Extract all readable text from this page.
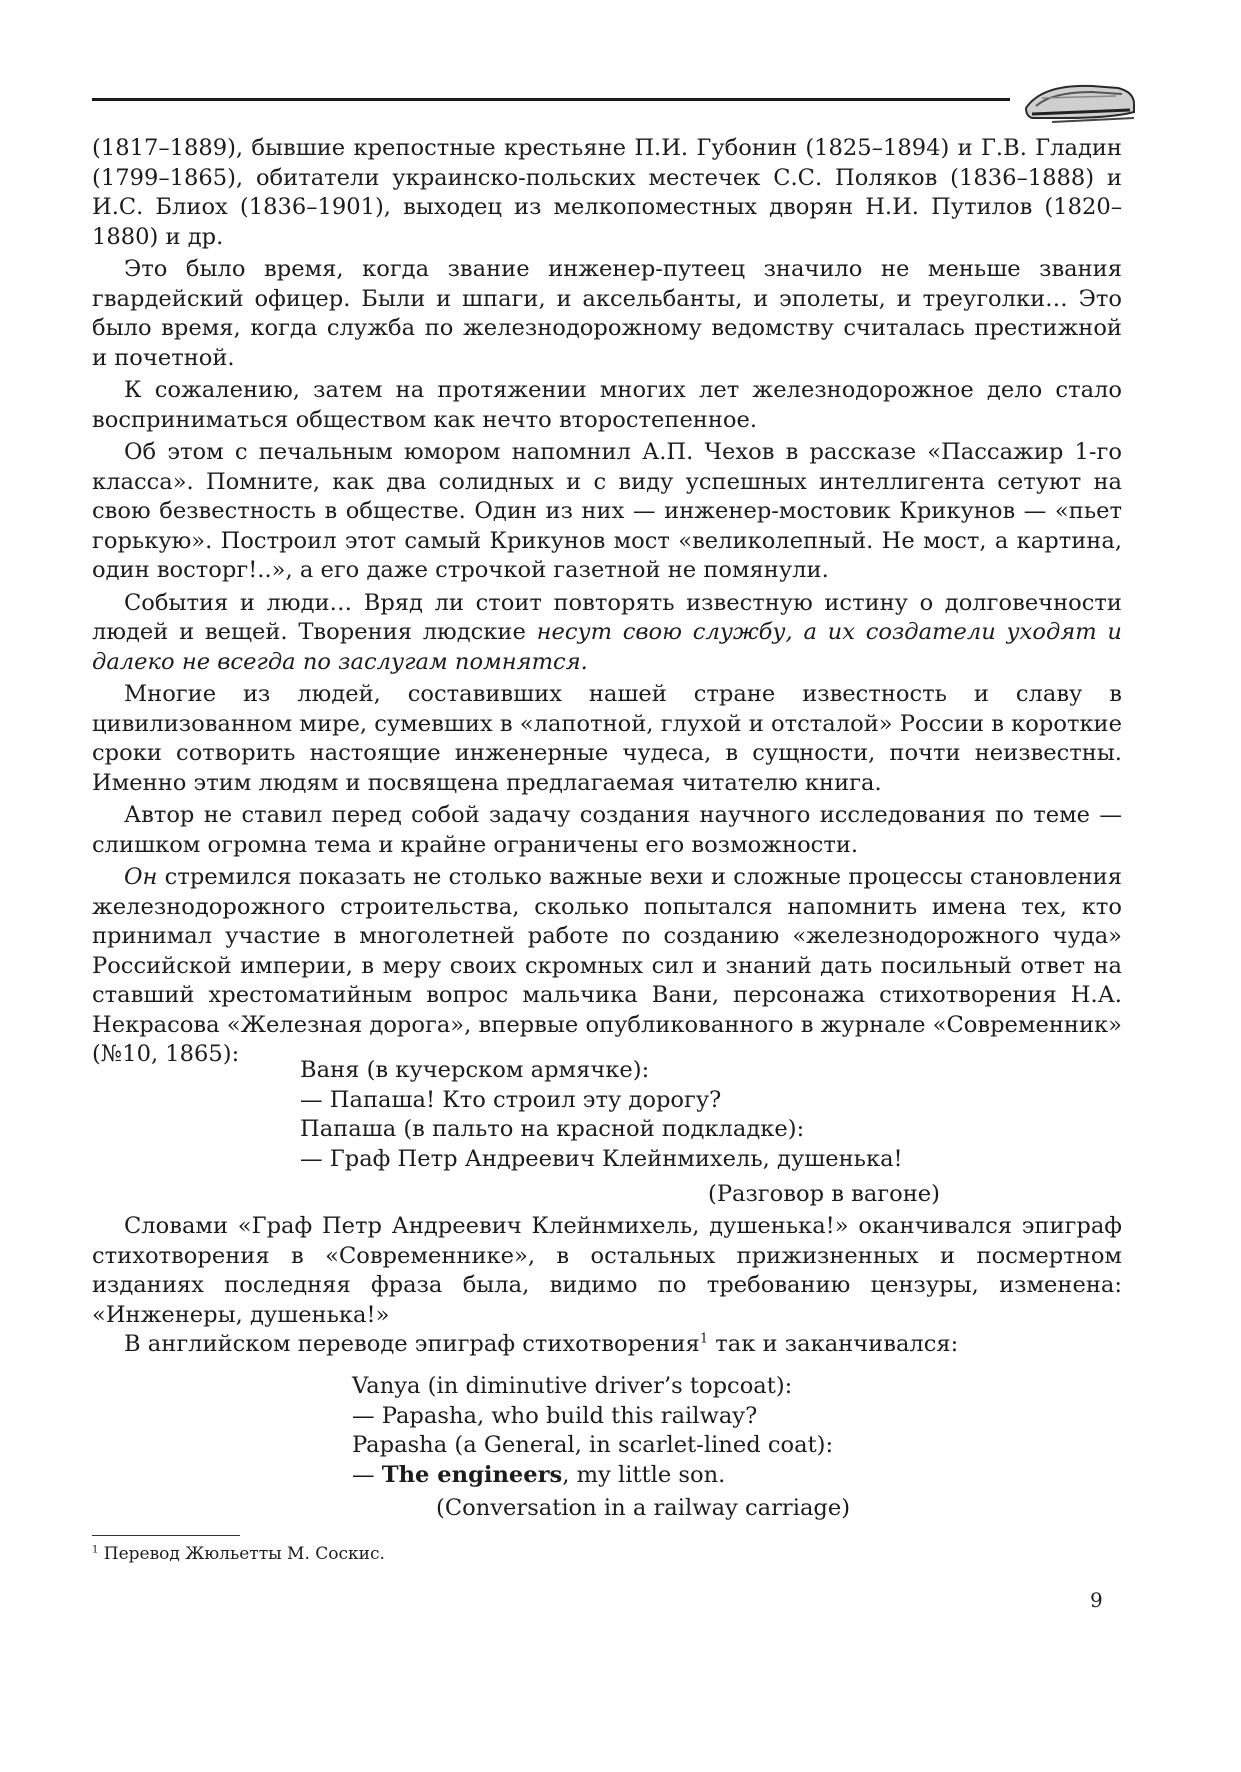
(1817–1889), бывшие крепостные крестьяне П.И. Губонин (1825–1894) и Г.В. Гладин (1799–1865), обитатели украинско-польских местечек С.С. Поляков (1836–1888) и И.С. Блиох (1836–1901), выходец из мелкопоместных дворян Н.И. Путилов (1820–1880) и др.

Это было время, когда звание инженер-путеец значило не меньше звания гвардейский офицер. Были и шпаги, и аксельбанты, и эполеты, и треуголки… Это было время, когда служба по железнодорожному ведомству считалась престижной и почетной.

К сожалению, затем на протяжении многих лет железнодорожное дело стало восприниматься обществом как нечто второстепенное.

Об этом с печальным юмором напомнил А.П. Чехов в рассказе «Пассажир 1-го класса». Помните, как два солидных и с виду успешных интеллигента сетуют на свою безвестность в обществе. Один из них — инженер-мостовик Крикунов — «пьет горькую». Построил этот самый Крикунов мост «великолепный. Не мост, а картина, один восторг!..», а его даже строчкой газетной не помянули.

События и люди… Вряд ли стоит повторять известную истину о долговечности людей и вещей. Творения людские несут свою службу, а их создатели уходят и далеко не всегда по заслугам помнятся.

Многие из людей, составивших нашей стране известность и славу в цивилизованном мире, сумевших в «лапотной, глухой и отсталой» России в короткие сроки сотворить настоящие инженерные чудеса, в сущности, почти неизвестны. Именно этим людям и посвящена предлагаемая читателю книга.

Автор не ставил перед собой задачу создания научного исследования по теме — слишком огромна тема и крайне ограничены его возможности.

Он стремился показать не столько важные вехи и сложные процессы становления железнодорожного строительства, сколько попытался напомнить имена тех, кто принимал участие в многолетней работе по созданию «железнодорожного чуда» Российской империи, в меру своих скромных сил и знаний дать посильный ответ на ставший хрестоматийным вопрос мальчика Вани, персонажа стихотворения Н.А. Некрасова «Железная дорога», впервые опубликованного в журнале «Современник» (№10, 1865):

Ваня (в кучерском армячке):
— Папаша! Кто строил эту дорогу?
Папаша (в пальто на красной подкладке):
— Граф Петр Андреевич Клейнмихель, душенька!
(Разговор в вагоне)

Словами «Граф Петр Андреевич Клейнмихель, душенька!» оканчивался эпиграф стихотворения в «Современнике», в остальных прижизненных и посмертном изданиях последняя фраза была, видимо по требованию цензуры, изменена: «Инженеры, душенька!»

В английском переводе эпиграф стихотворения$^1$ так и заканчивался:

Vanya (in diminutive driver’s topcoat):
— Papasha, who build this railway?
Papasha (a General, in scarlet-lined coat):
— The engineers, my little son.
(Conversation in a railway carriage)
$^1$ Перевод Жюльетты М. Соскис.
9
